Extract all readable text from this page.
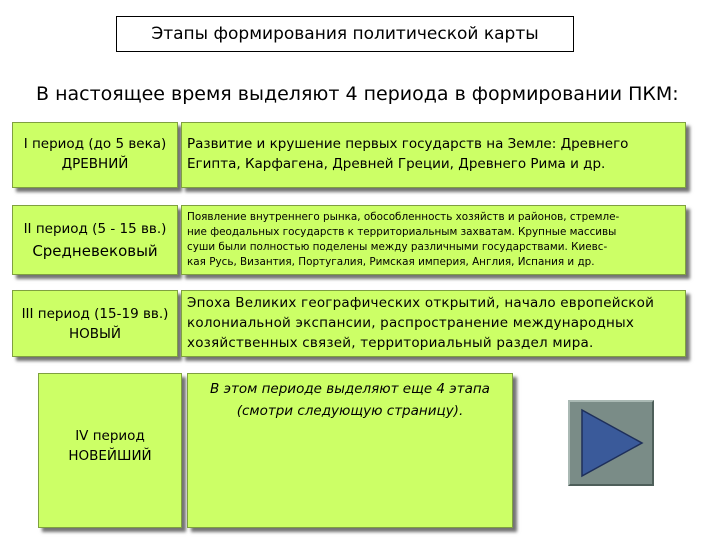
Этапы формирования политической карты
В настоящее время выделяют 4 периода в формировании ПКМ:
I период (до 5 века)
ДРЕВНИЙ
Развитие и крушение первых государств на Земле: Древнего
Египта, Карфагена, Древней Греции, Древнего Рима и др.
II период (5 - 15 вв.)
Средневековый
Появление внутреннего рынка, обособленность хозяйств и районов, стремле-
ние феодальных государств к территориальным захватам. Крупные массивы
суши были полностью поделены между различными государствами. Киевс-
кая Русь, Византия, Португалия, Римская империя, Англия, Испания и др.
III период (15-19 вв.)
НОВЫЙ
Эпоха Великих географических открытий, начало европейской
колониальной экспансии, распространение международных
хозяйственных связей, территориальный раздел мира.
IV период
НОВЕЙШИЙ
В этом периоде выделяют еще 4 этапа
(смотри следующую страницу).
